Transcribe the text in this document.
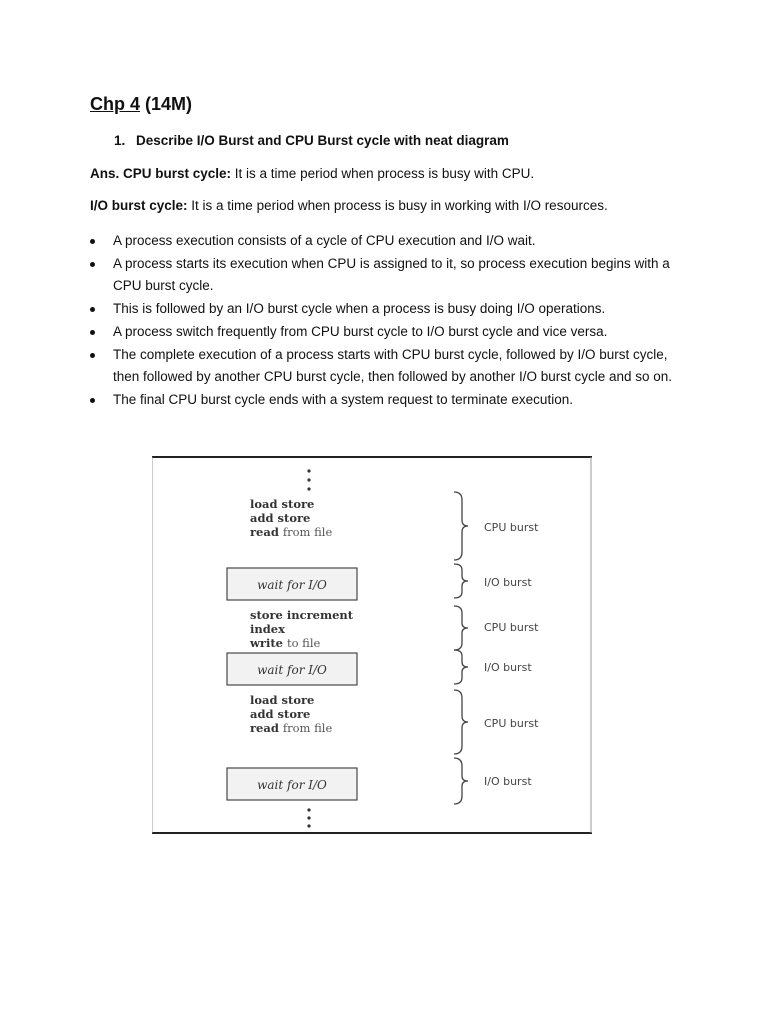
Chp 4 (14M)
1. Describe I/O Burst and CPU Burst cycle with neat diagram
Ans. CPU burst cycle: It is a time period when process is busy with CPU.
I/O burst cycle: It is a time period when process is busy in working with I/O resources.
A process execution consists of a cycle of CPU execution and I/O wait.
A process starts its execution when CPU is assigned to it, so process execution begins with a CPU burst cycle.
This is followed by an I/O burst cycle when a process is busy doing I/O operations.
A process switch frequently from CPU burst cycle to I/O burst cycle and vice versa.
The complete execution of a process starts with CPU burst cycle, followed by I/O burst cycle, then followed by another CPU burst cycle, then followed by another I/O burst cycle and so on.
The final CPU burst cycle ends with a system request to terminate execution.
load store
add store
read from file	CPU burst
wait for I/O	I/O burst
store increment
index
write to file
CPU burst
wait for I/O	I/O burst
load store
add store
read from file	CPU burst
wait for I/O	I/O burst
